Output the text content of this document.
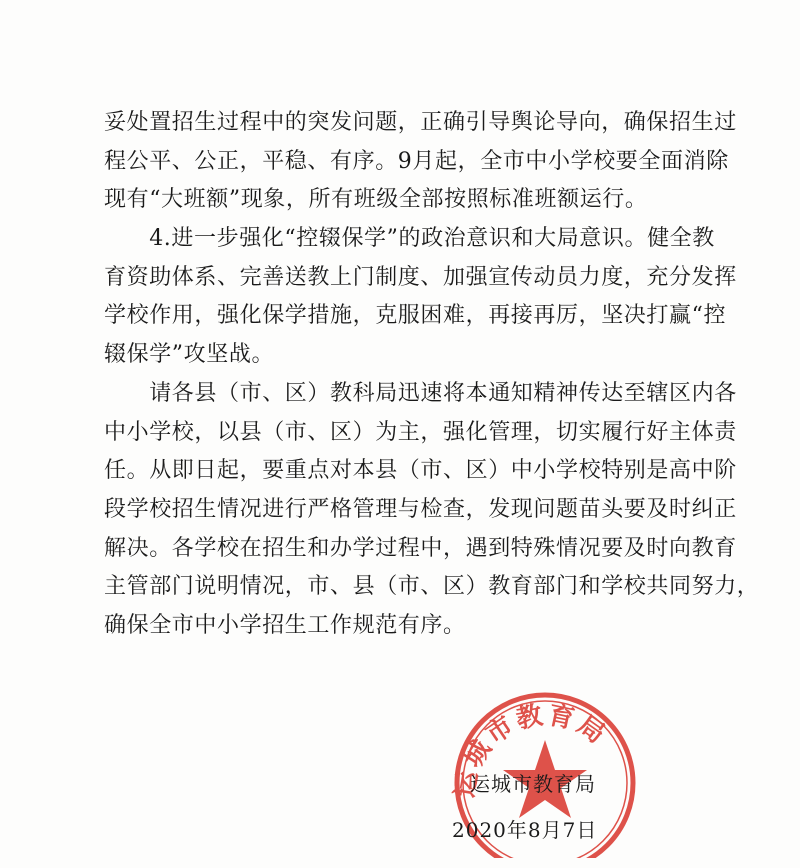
妥处置招生过程中的突发问题，正确引导舆论导向，确保招生过
程公平、公正，平稳、有序。9月起，全市中小学校要全面消除
现有“大班额”现象，所有班级全部按照标准班额运行。
　　4.进一步强化“控辍保学”的政治意识和大局意识。健全教
育资助体系、完善送教上门制度、加强宣传动员力度，充分发挥
学校作用，强化保学措施，克服困难，再接再厉，坚决打赢“控
辍保学”攻坚战。
　　请各县（市、区）教科局迅速将本通知精神传达至辖区内各
中小学校，以县（市、区）为主，强化管理，切实履行好主体责
任。从即日起，要重点对本县（市、区）中小学校特别是高中阶
段学校招生情况进行严格管理与检查，发现问题苗头要及时纠正
解决。各学校在招生和办学过程中，遇到特殊情况要及时向教育
主管部门说明情况，市、县（市、区）教育部门和学校共同努力，
确保全市中小学招生工作规范有序。
运城市教育局
运城市教育局
2020年8月7日
